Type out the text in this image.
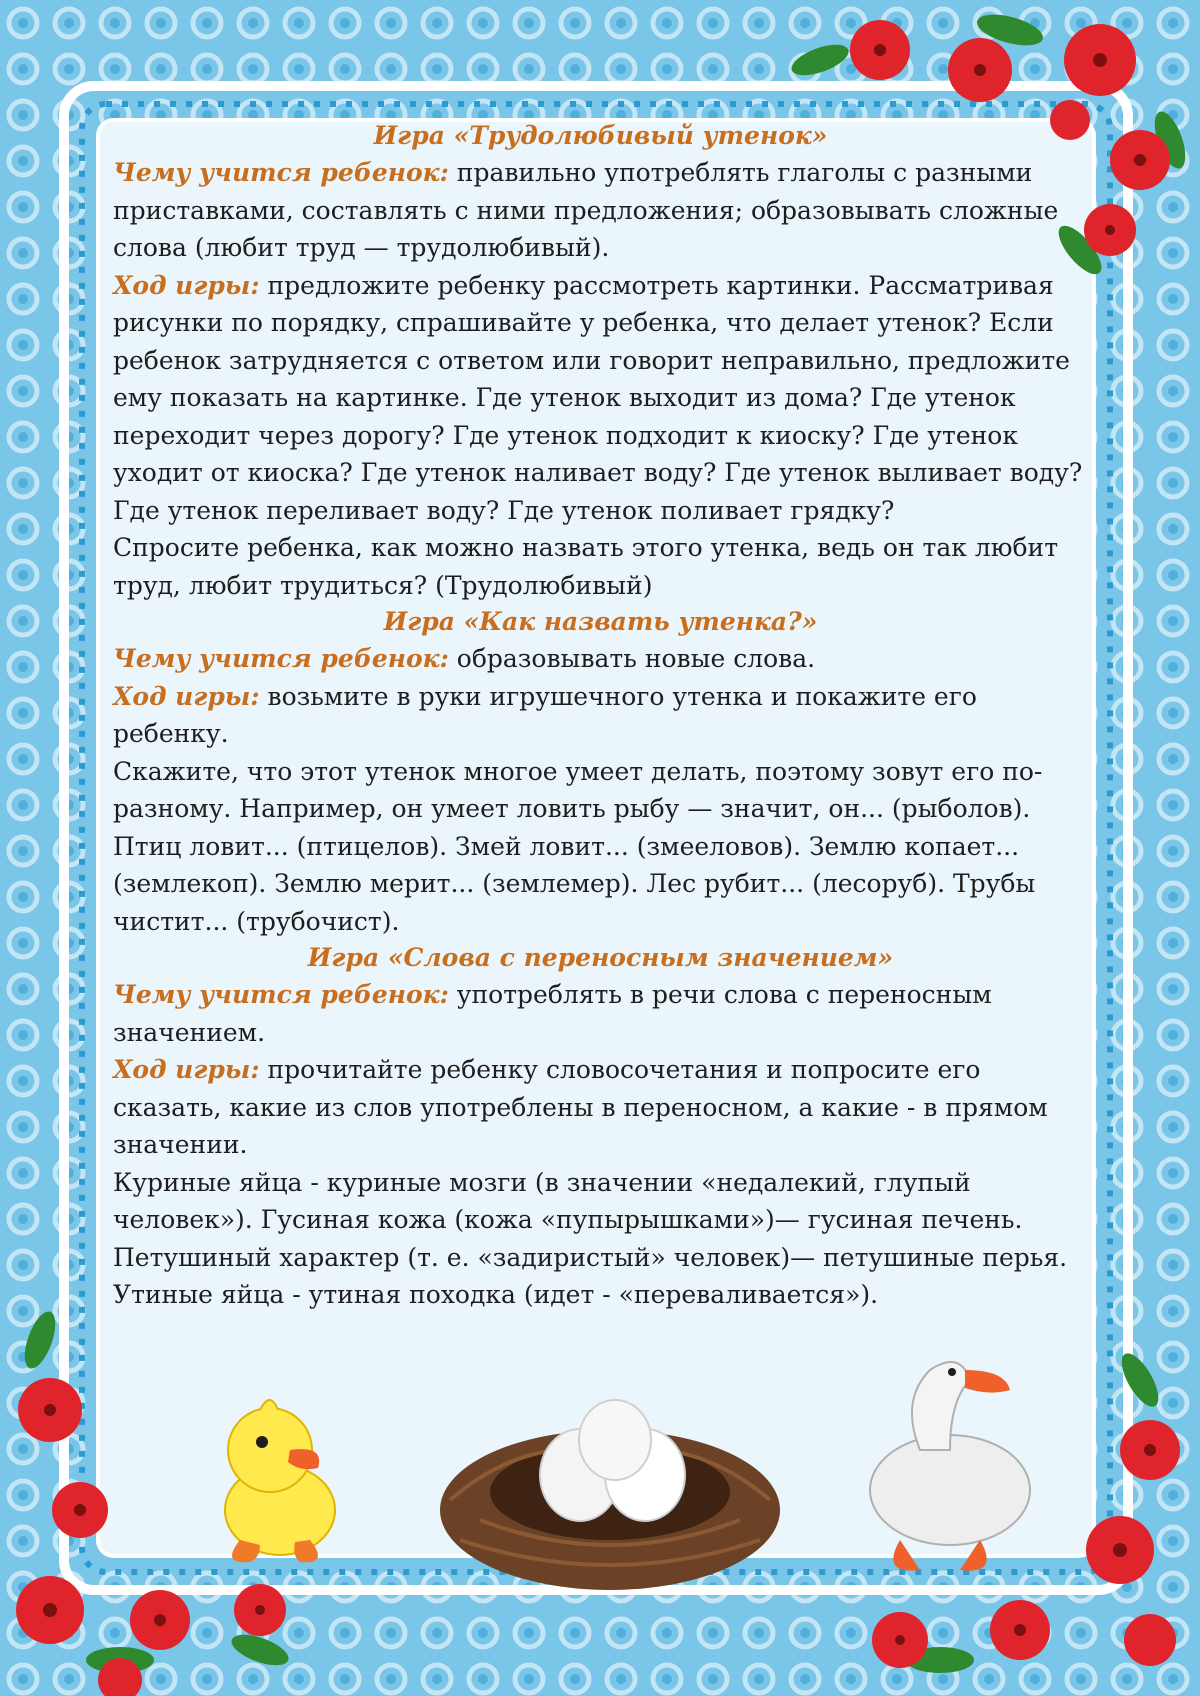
Игра «Трудолюбивый утенок»

Чему учится ребенок: правильно употреблять глаголы с разными приставками, составлять с ними предложения; образовывать сложные слова (любит труд — трудолюбивый).

Ход игры: предложите ребенку рассмотреть картинки. Рассматривая рисунки по порядку, спрашивайте у ребенка, что делает утенок? Если ребенок затрудняется с ответом или говорит неправильно, предложите ему показать на картинке. Где утенок выходит из дома? Где утенок переходит через дорогу? Где утенок подходит к киоску? Где утенок уходит от киоска? Где утенок наливает воду? Где утенок выливает воду? Где утенок переливает воду? Где утенок поливает грядку?

Спросите ребенка, как можно назвать этого утенка, ведь он так любит труд, любит трудиться? (Трудолюбивый)

Игра «Как назвать утенка?»

Чему учится ребенок: образовывать новые слова.

Ход игры: возьмите в руки игрушечного утенка и покажите его ребенку.

Скажите, что этот утенок многое умеет делать, поэтому зовут его по-разному. Например, он умеет ловить рыбу — значит, он... (рыболов). Птиц ловит... (птицелов). Змей ловит... (змееловов). Землю копает... (землекоп). Землю мерит... (землемер). Лес рубит... (лесоруб). Трубы чистит... (трубочист).

Игра «Слова с переносным значением»

Чему учится ребенок: употреблять в речи слова с переносным значением.

Ход игры: прочитайте ребенку словосочетания и попросите его сказать, какие из слов употреблены в переносном, а какие - в прямом значении.

Куриные яйца - куриные мозги (в значении «недалекий, глупый человек»). Гусиная кожа (кожа «пупырышками»)— гусиная печень. Петушиный характер (т. е. «задиристый» человек)— петушиные перья. Утиные яйца - утиная походка (идет - «переваливается»).
